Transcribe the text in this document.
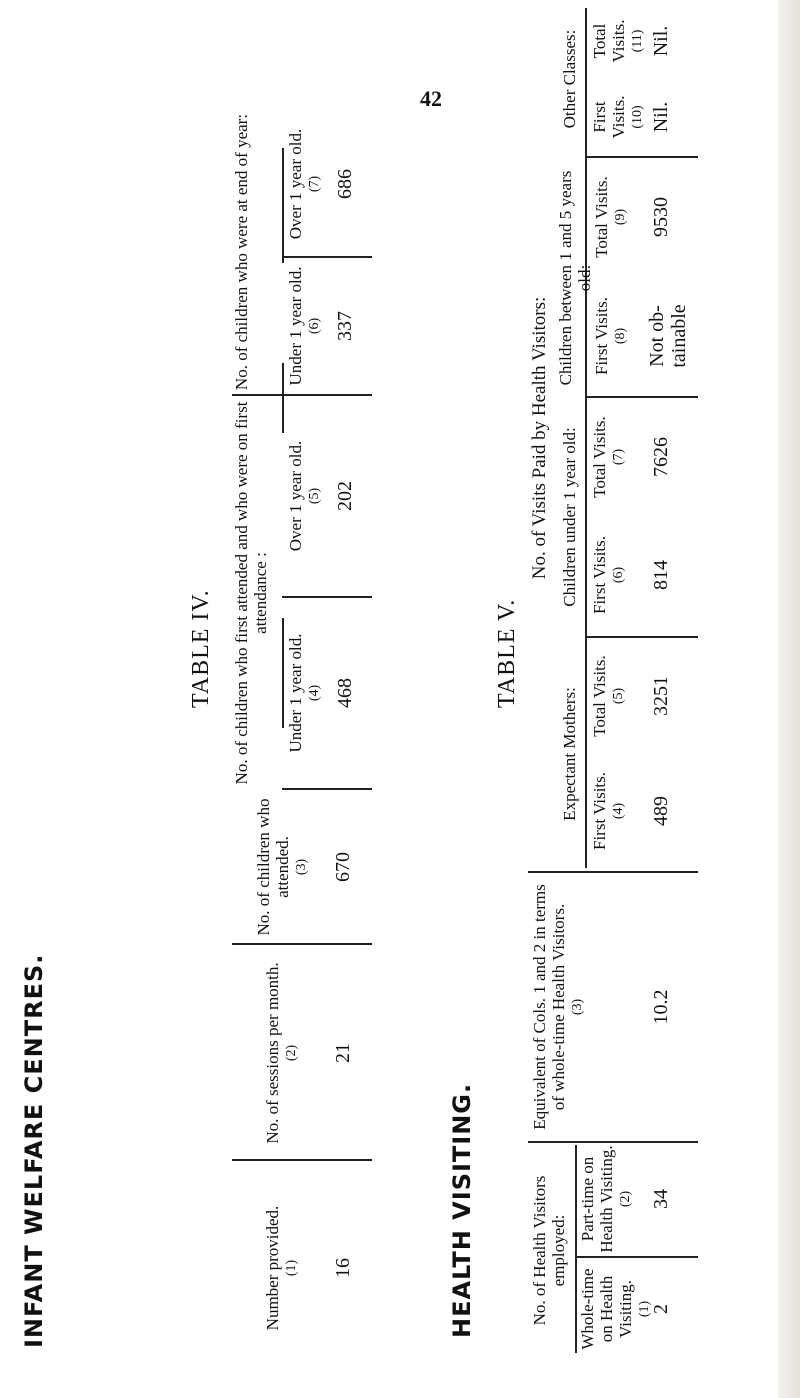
42
INFANT WELFARE CENTRES.
TABLE IV.
Number provided. (1) 16
No. of sessions per month. (2) 21
No. of children who attended. (3) 670
No. of children who first attended and who were on first attendance :
Under 1 year old. (4) 468
Over 1 year old. (5) 202
No. of children who were at end of year: Under 1 year old. (6) 337
Over 1 year old. (7) 686
HEALTH VISITING.
TABLE V.
No. of Health Visitors employed:
Whole-time on Health Visiting. (1)
2
Part-time on Health Visiting. (2) 34
Equivalent of Cols. 1 and 2 in terms of whole-time Health Visitors. (3)	10.2
No. of Visits Paid by Health Visitors:
Expectant Mothers: First Visits. (4) 489
Total Visits. (5) 3251
Children under 1 year old: First Visits. (6) 814
Total Visits. (7) 7626
Children between 1 and 5 years old:
First Visits. (8)
Not ob-
tainable
Total Visits. (9) 9530
Other Classes: First Visits. (10) Nil.
Total Visits. (11) Nil.
